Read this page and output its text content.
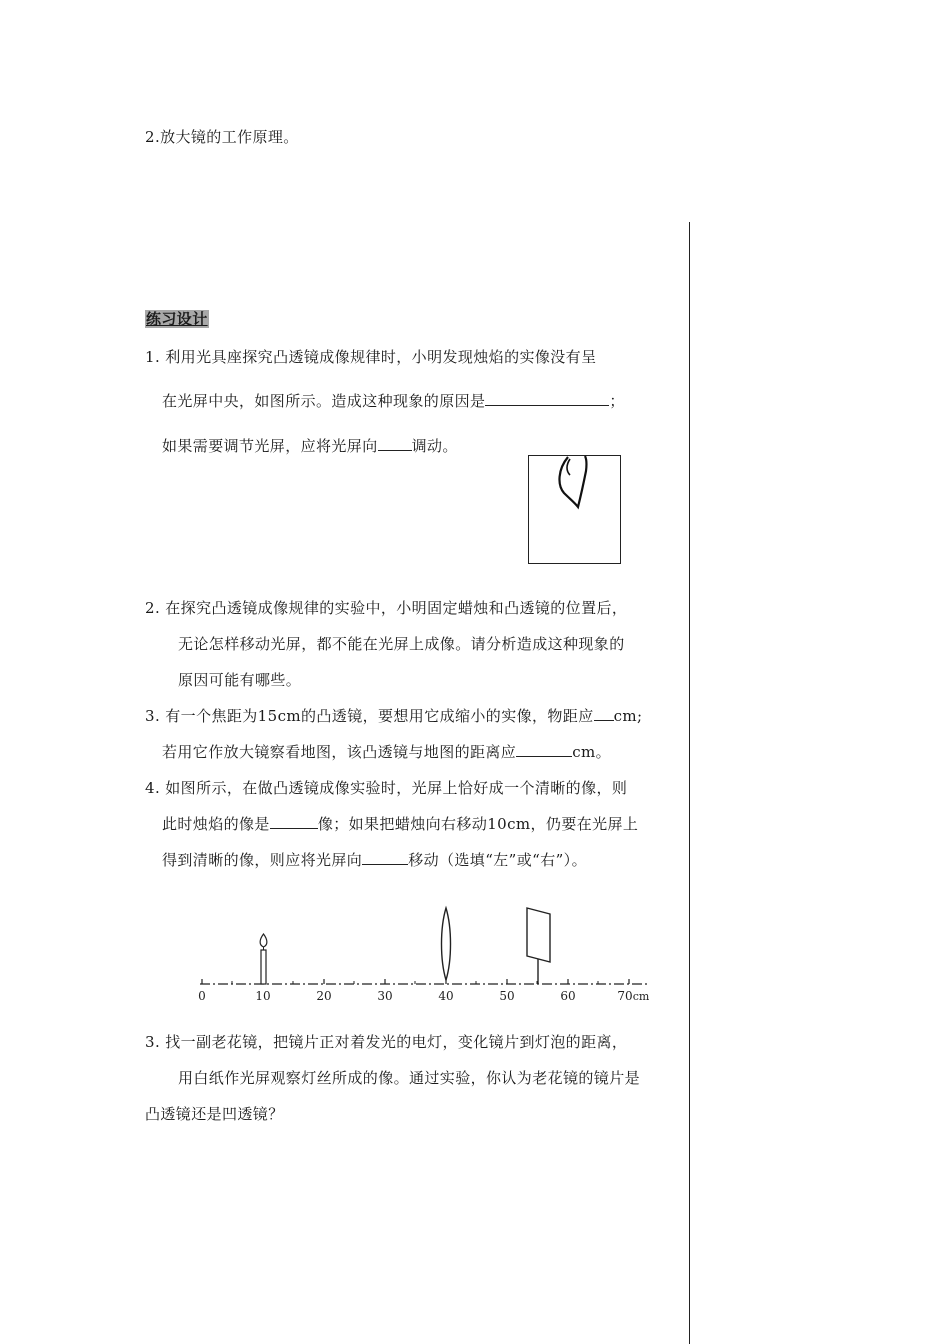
2.放大镜的工作原理。
练习设计
1. 利用光具座探究凸透镜成像规律时，小明发现烛焰的实像没有呈
在光屏中央，如图所示。造成这种现象的原因是	；
如果需要调节光屏，应将光屏向 调动。
2. 在探究凸透镜成像规律的实验中，小明固定蜡烛和凸透镜的位置后，
无论怎样移动光屏，都不能在光屏上成像。请分析造成这种现象的
原因可能有哪些。
3. 有一个焦距为15cm的凸透镜，要想用它成缩小的实像，物距应 cm;
若用它作放大镜察看地图，该凸透镜与地图的距离应	cm。
4. 如图所示，在做凸透镜成像实验时，光屏上恰好成一个清晰的像，则
此时烛焰的像是	像；如果把蜡烛向右移动10cm，仍要在光屏上
得到清晰的像，则应将光屏向	移动（选填“左”或“右”）。
0	10	20	30	40	50	60	70 cm
3. 找一副老花镜，把镜片正对着发光的电灯，变化镜片到灯泡的距离，
用白纸作光屏观察灯丝所成的像。通过实验，你认为老花镜的镜片是
凸透镜还是凹透镜？
